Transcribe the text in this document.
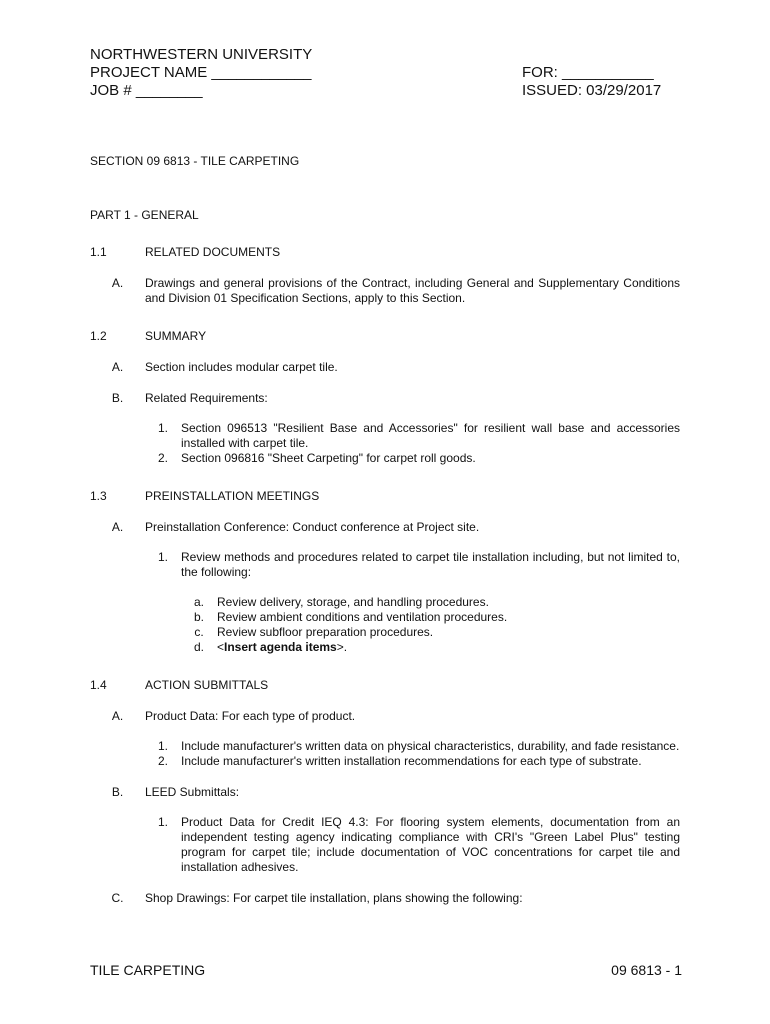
NORTHWESTERN UNIVERSITY
PROJECT NAME ____________	FOR: ___________
JOB # ________	ISSUED: 03/29/2017
SECTION 09 6813 - TILE CARPETING
PART 1 - GENERAL
1.1	RELATED DOCUMENTS
A.	Drawings and general provisions of the Contract, including General and Supplementary Conditions and Division 01 Specification Sections, apply to this Section.
1.2	SUMMARY
A.	Section includes modular carpet tile.
B.	Related Requirements:
1.	Section 096513 "Resilient Base and Accessories" for resilient wall base and accessories installed with carpet tile.
2.	Section 096816 "Sheet Carpeting" for carpet roll goods.
1.3	PREINSTALLATION MEETINGS
A.	Preinstallation Conference: Conduct conference at Project site.
1.	Review methods and procedures related to carpet tile installation including, but not limited to, the following:
a.	Review delivery, storage, and handling procedures.
b.	Review ambient conditions and ventilation procedures.
c.	Review subfloor preparation procedures.
d.	<Insert agenda items>.
1.4	ACTION SUBMITTALS
A.	Product Data: For each type of product.
1.	Include manufacturer's written data on physical characteristics, durability, and fade resistance.
2.	Include manufacturer's written installation recommendations for each type of substrate.
B.	LEED Submittals:
1.	Product Data for Credit IEQ 4.3: For flooring system elements, documentation from an independent testing agency indicating compliance with CRI's "Green Label Plus" testing program for carpet tile; include documentation of VOC concentrations for carpet tile and installation adhesives.
C.	Shop Drawings: For carpet tile installation, plans showing the following:
TILE CARPETING	09 6813 - 1
